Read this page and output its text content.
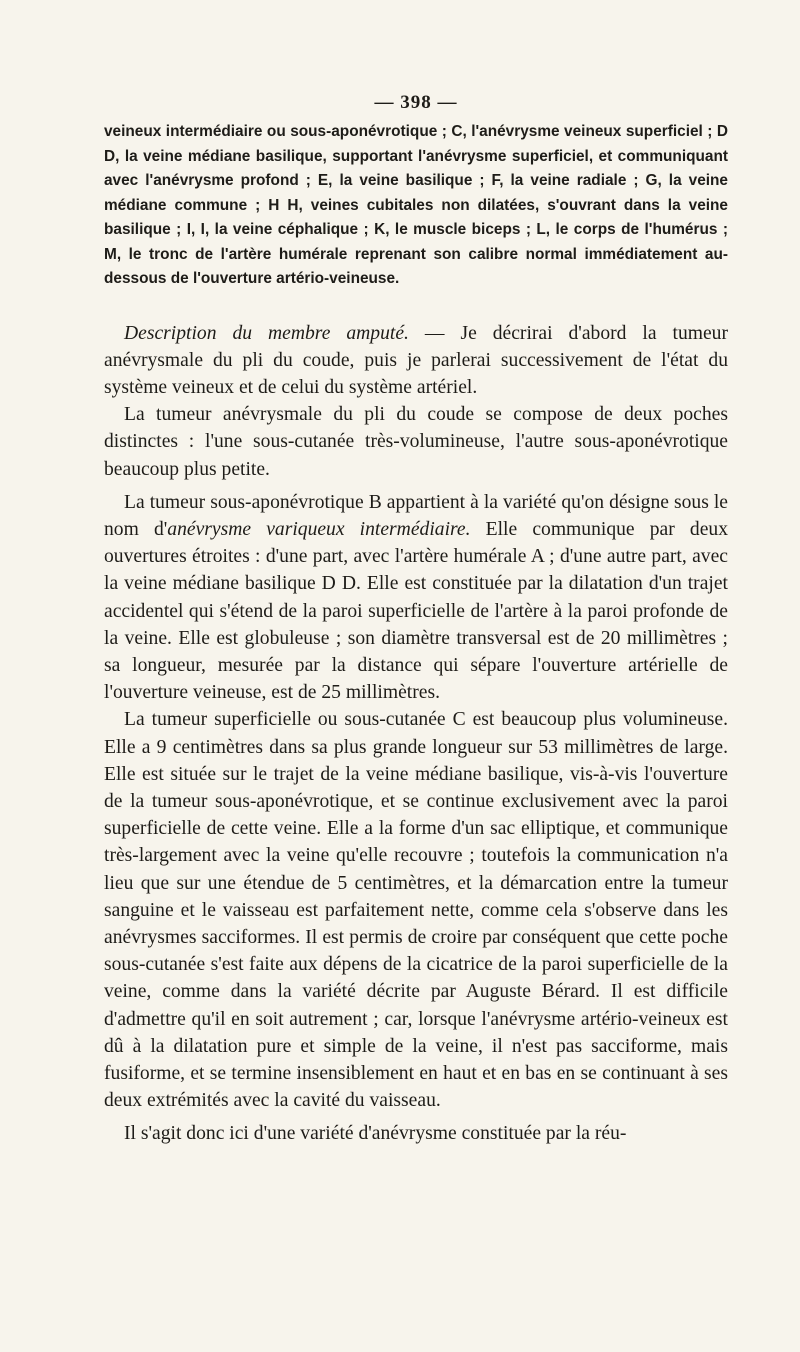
— 398 —

veineux intermédiaire ou sous-aponévrotique ; C, l'anévrysme veineux superficiel ; D D, la veine médiane basilique, supportant l'anévrysme superficiel, et communiquant avec l'anévrysme profond ; E, la veine basilique ; F, la veine radiale ; G, la veine médiane commune ; H H, veines cubitales non dilatées, s'ouvrant dans la veine basilique ; I, I, la veine céphalique ; K, le muscle biceps ; L, le corps de l'humérus ; M, le tronc de l'artère humérale reprenant son calibre normal immédiatement au-dessous de l'ouverture artério-veineuse.

Description du membre amputé. — Je décrirai d'abord la tumeur anévrysmale du pli du coude, puis je parlerai successivement de l'état du système veineux et de celui du système artériel.

La tumeur anévrysmale du pli du coude se compose de deux poches distinctes : l'une sous-cutanée très-volumineuse, l'autre sous-aponévrotique beaucoup plus petite.

La tumeur sous-aponévrotique B appartient à la variété qu'on désigne sous le nom d'anévrysme variqueux intermédiaire. Elle communique par deux ouvertures étroites : d'une part, avec l'artère humérale A ; d'une autre part, avec la veine médiane basilique D D. Elle est constituée par la dilatation d'un trajet accidentel qui s'étend de la paroi superficielle de l'artère à la paroi profonde de la veine. Elle est globuleuse ; son diamètre transversal est de 20 millimètres ; sa longueur, mesurée par la distance qui sépare l'ouverture artérielle de l'ouverture veineuse, est de 25 millimètres.

La tumeur superficielle ou sous-cutanée C est beaucoup plus volumineuse. Elle a 9 centimètres dans sa plus grande longueur sur 53 millimètres de large. Elle est située sur le trajet de la veine médiane basilique, vis-à-vis l'ouverture de la tumeur sous-aponévrotique, et se continue exclusivement avec la paroi superficielle de cette veine. Elle a la forme d'un sac elliptique, et communique très-largement avec la veine qu'elle recouvre ; toutefois la communication n'a lieu que sur une étendue de 5 centimètres, et la démarcation entre la tumeur sanguine et le vaisseau est parfaitement nette, comme cela s'observe dans les anévrysmes sacciformes. Il est permis de croire par conséquent que cette poche sous-cutanée s'est faite aux dépens de la cicatrice de la paroi superficielle de la veine, comme dans la variété décrite par Auguste Bérard. Il est difficile d'admettre qu'il en soit autrement ; car, lorsque l'anévrysme artério-veineux est dû à la dilatation pure et simple de la veine, il n'est pas sacciforme, mais fusiforme, et se termine insensiblement en haut et en bas en se continuant à ses deux extrémités avec la cavité du vaisseau.

Il s'agit donc ici d'une variété d'anévrysme constituée par la réu-
